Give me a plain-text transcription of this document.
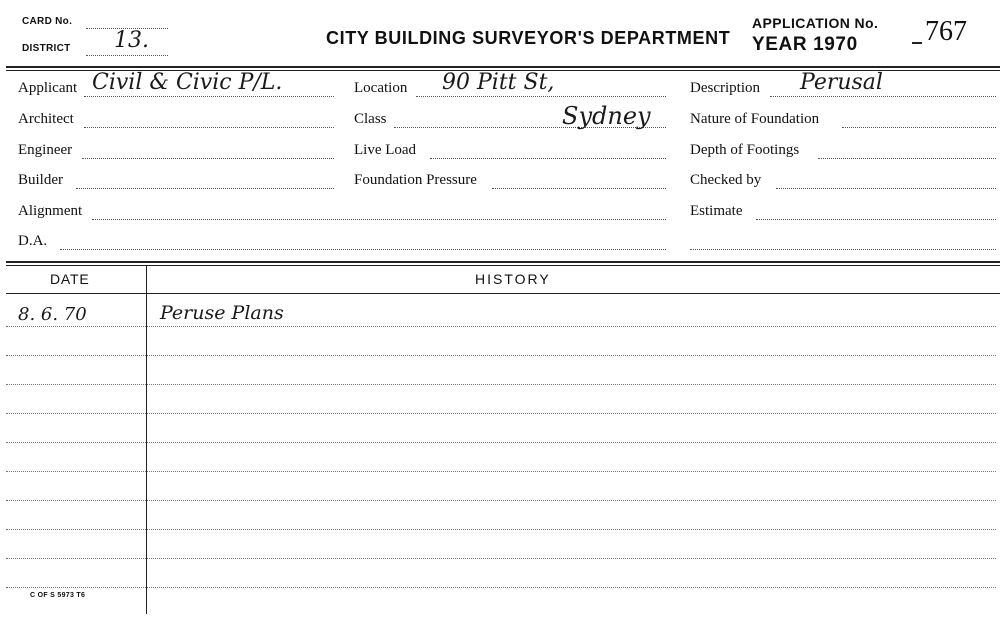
CARD No.
DISTRICT 13.	CITY BUILDING SURVEYOR'S DEPARTMENT
APPLICATION No.
YEAR 1970 767
Applicant Civil & Civic P/L.
Architect
Engineer
Builder
Alignment
D.A.
Location 90 Pitt St,
Class	Sydney
Live Load
Foundation Pressure
Description Perusal
Nature of Foundation
Depth of Footings
Checked by
Estimate
DATE	HISTORY
8. 6. 70	Peruse Plans
C OF S 5973 T6
